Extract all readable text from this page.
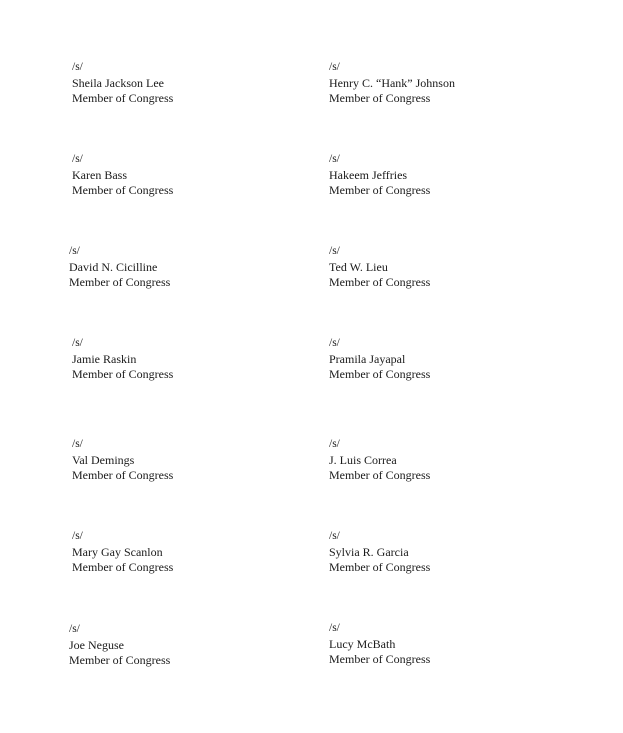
/s/
Sheila Jackson Lee
Member of Congress
/s/
Karen Bass
Member of Congress
/s/
David N. Cicilline
Member of Congress
/s/
Jamie Raskin
Member of Congress
/s/
Val Demings
Member of Congress
/s/
Mary Gay Scanlon
Member of Congress
/s/
Joe Neguse
Member of Congress
/s/
Henry C. “Hank” Johnson
Member of Congress
/s/
Hakeem Jeffries
Member of Congress
/s/
Ted W. Lieu
Member of Congress
/s/
Pramila Jayapal
Member of Congress
/s/
J. Luis Correa
Member of Congress
/s/
Sylvia R. Garcia
Member of Congress
/s/
Lucy McBath
Member of Congress
